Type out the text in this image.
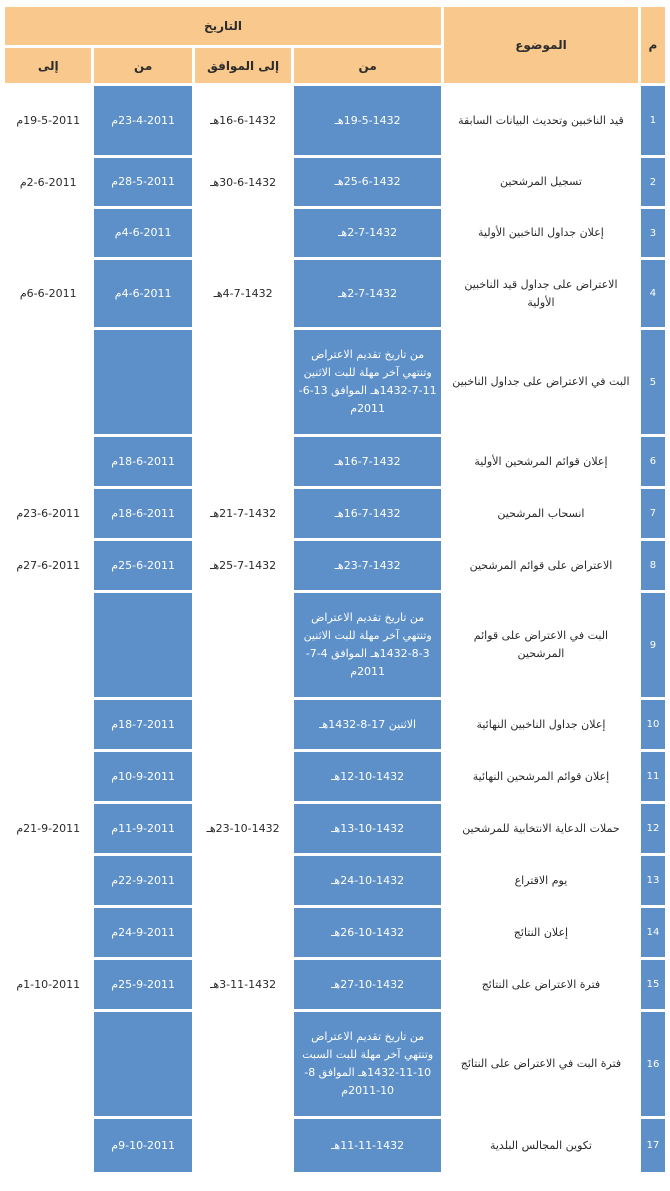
م	الموضوع	التاريخ			
		من	إلى الموافق	من	إلى
1	قيد الناخبين وتحديث البيانات السابقة	19-5-1432هـ	16-6-1432هـ	23-4-2011م	19-5-2011م
2	تسجيل المرشحين	25-6-1432هـ	30-6-1432هـ	28-5-2011م	2-6-2011م
3	إعلان جداول الناخبين الأولية	2-7-1432هـ		4-6-2011م	
4	الاعتراض على جداول قيد الناخبين الأولية	2-7-1432هـ	4-7-1432هـ	4-6-2011م	6-6-2011م
5	البت في الاعتراض على جداول الناخبين	من تاريخ تقديم الاعتراض وتنتهي آخر مهلة للبت الاثنين 11-7-1432هـ الموافق 13-6-2011م			
6	إعلان قوائم المرشحين الأولية	16-7-1432هـ		18-6-2011م	
7	انسحاب المرشحين	16-7-1432هـ	21-7-1432هـ	18-6-2011م	23-6-2011م
8	الاعتراض على قوائم المرشحين	23-7-1432هـ	25-7-1432هـ	25-6-2011م	27-6-2011م
9	البت في الاعتراض على قوائم المرشحين	من تاريخ تقديم الاعتراض وتنتهي آخر مهلة للبت الاثنين 3-8-1432هـ الموافق 4-7-2011م			
10	إعلان جداول الناخبين النهائية	الاثنين 17-8-1432هـ		18-7-2011م	
11	إعلان قوائم المرشحين النهائية	12-10-1432هـ		10-9-2011م	
12	حملات الدعاية الانتخابية للمرشحين	13-10-1432هـ	23-10-1432هـ	11-9-2011م	21-9-2011م
13	يوم الاقتراع	24-10-1432هـ		22-9-2011م	
14	إعلان النتائج	26-10-1432هـ		24-9-2011م	
15	فترة الاعتراض على النتائج	27-10-1432هـ	3-11-1432هـ	25-9-2011م	1-10-2011م
16	فترة البت في الاعتراض على النتائج	من تاريخ تقديم الاعتراض وتنتهي آخر مهلة للبت السبت 10-11-1432هـ الموافق 8-10-2011م			
17	تكوين المجالس البلدية	11-11-1432هـ		9-10-2011م	
